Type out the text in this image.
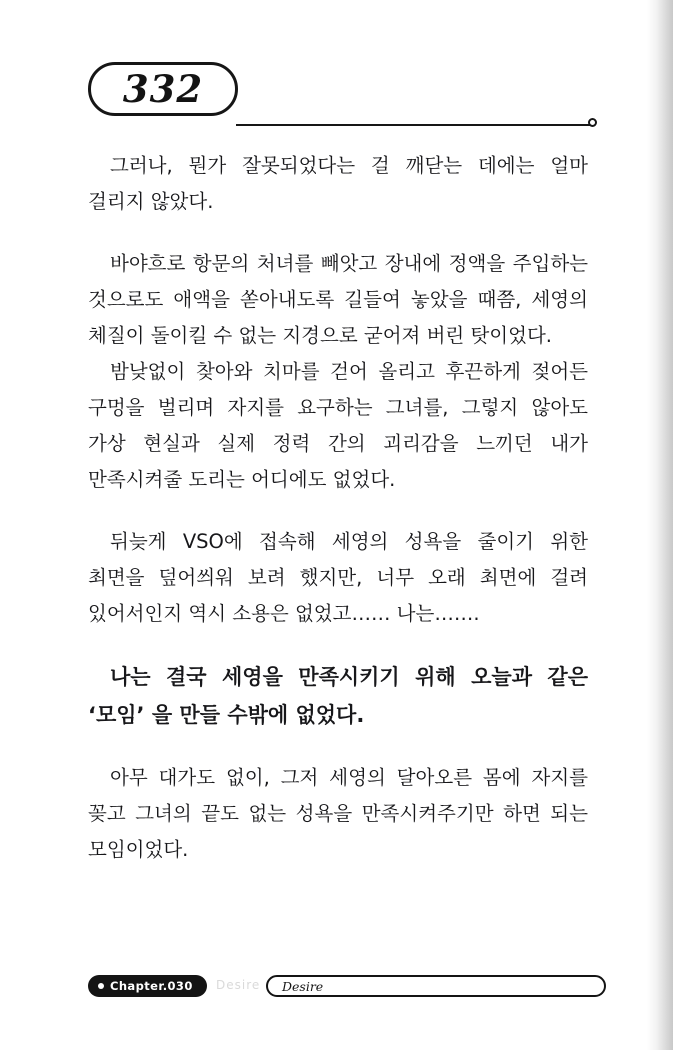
332

그러나, 뭔가 잘못되었다는 걸 깨닫는 데에는 얼마 걸리지 않았다.

바야흐로 항문의 처녀를 빼앗고 장내에 정액을 주입하는 것으로도 애액을 쏟아내도록 길들여 놓았을 때쯤, 세영의 체질이 돌이킬 수 없는 지경으로 굳어져 버린 탓이었다.

밤낮없이 찾아와 치마를 걷어 올리고 후끈하게 젖어든 구멍을 벌리며 자지를 요구하는 그녀를, 그렇지 않아도 가상 현실과 실제 정력 간의 괴리감을 느끼던 내가 만족시켜줄 도리는 어디에도 없었다.

뒤늦게 VSO에 접속해 세영의 성욕을 줄이기 위한 최면을 덮어씌워 보려 했지만, 너무 오래 최면에 걸려 있어서인지 역시 소용은 없었고…… 나는…….

나는 결국 세영을 만족시키기 위해 오늘과 같은 ‘모임’ 을 만들 수밖에 없었다.

아무 대가도 없이, 그저 세영의 달아오른 몸에 자지를 꽂고 그녀의 끝도 없는 성욕을 만족시켜주기만 하면 되는 모임이었다.

Chapter.030 Desire Desire
